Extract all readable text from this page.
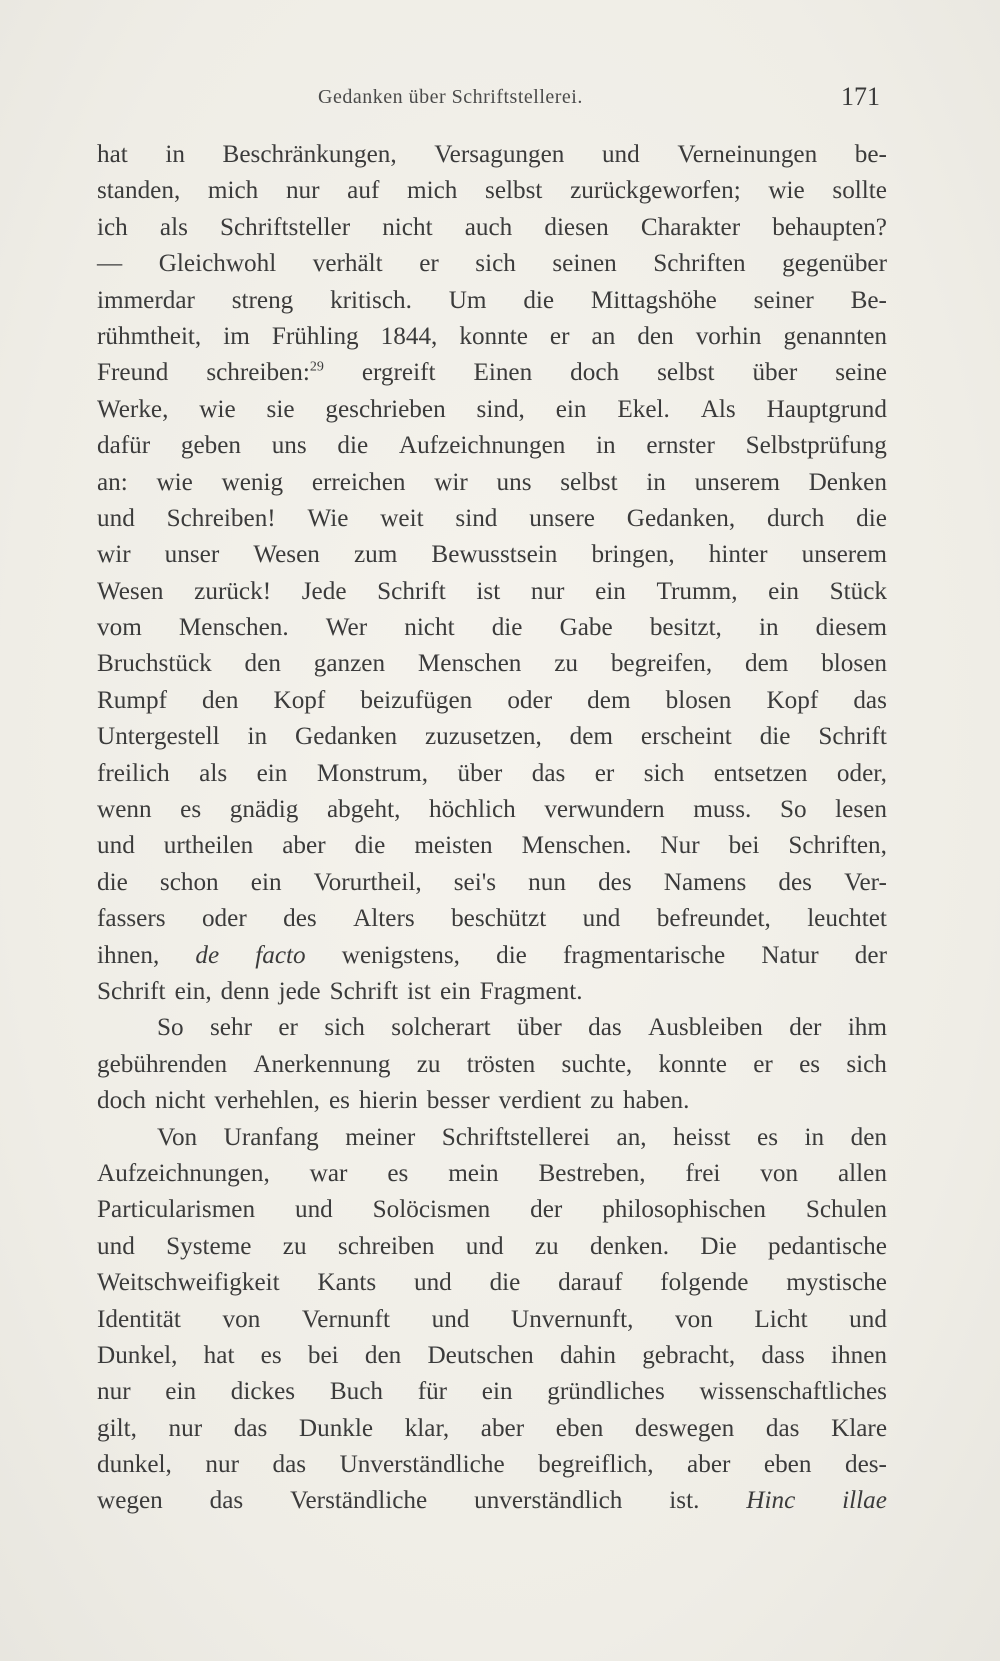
Gedanken über Schriftstellerei.	171
hat in Beschränkungen, Versagungen und Verneinungen be-
standen, mich nur auf mich selbst zurückgeworfen; wie sollte
ich als Schriftsteller nicht auch diesen Charakter behaupten?
— Gleichwohl verhält er sich seinen Schriften gegenüber
immerdar streng kritisch. Um die Mittagshöhe seiner Be-
rühmtheit, im Frühling 1844, konnte er an den vorhin genannten
Freund schreiben:$^{29}$ ergreift Einen doch selbst über seine
Werke, wie sie geschrieben sind, ein Ekel. Als Hauptgrund
dafür geben uns die Aufzeichnungen in ernster Selbstprüfung
an: wie wenig erreichen wir uns selbst in unserem Denken
und Schreiben! Wie weit sind unsere Gedanken, durch die
wir unser Wesen zum Bewusstsein bringen, hinter unserem
Wesen zurück! Jede Schrift ist nur ein Trumm, ein Stück
vom Menschen. Wer nicht die Gabe besitzt, in diesem
Bruchstück den ganzen Menschen zu begreifen, dem blosen
Rumpf den Kopf beizufügen oder dem blosen Kopf das
Untergestell in Gedanken zuzusetzen, dem erscheint die Schrift
freilich als ein Monstrum, über das er sich entsetzen oder,
wenn es gnädig abgeht, höchlich verwundern muss. So lesen
und urtheilen aber die meisten Menschen. Nur bei Schriften,
die schon ein Vorurtheil, sei's nun des Namens des Ver-
fassers oder des Alters beschützt und befreundet, leuchtet
ihnen, de facto wenigstens, die fragmentarische Natur der
Schrift ein, denn jede Schrift ist ein Fragment.
So sehr er sich solcherart über das Ausbleiben der ihm
gebührenden Anerkennung zu trösten suchte, konnte er es sich
doch nicht verhehlen, es hierin besser verdient zu haben.
Von Uranfang meiner Schriftstellerei an, heisst es in den
Aufzeichnungen, war es mein Bestreben, frei von allen
Particularismen und Solöcismen der philosophischen Schulen
und Systeme zu schreiben und zu denken. Die pedantische
Weitschweifigkeit Kants und die darauf folgende mystische
Identität von Vernunft und Unvernunft, von Licht und
Dunkel, hat es bei den Deutschen dahin gebracht, dass ihnen
nur ein dickes Buch für ein gründliches wissenschaftliches
gilt, nur das Dunkle klar, aber eben deswegen das Klare
dunkel, nur das Unverständliche begreiflich, aber eben des-
wegen das Verständliche unverständlich ist. Hinc illae
